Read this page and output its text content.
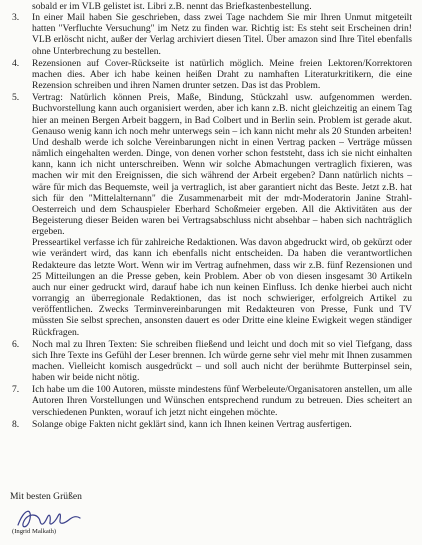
sobald er im VLB gelistet ist. Libri z.B. nennt das Briefkastenbestellung.

3.	In einer Mail haben Sie geschrieben, dass zwei Tage nachdem Sie mir Ihren Unmut mitgeteilt hatten "Verfluchte Versuchung" im Netz zu finden war. Richtig ist: Es steht seit Erscheinen drin! VLB erlöscht nicht, außer der Verlag archiviert diesen Titel. Über amazon sind Ihre Titel ebenfalls ohne Unterbrechung zu bestellen.
4.	Rezensionen auf Cover-Rückseite ist natürlich möglich. Meine freien Lektoren/Korrektoren machen dies. Aber ich habe keinen heißen Draht zu namhaften Literaturkritikern, die eine Rezension schreiben und ihren Namen drunter setzen. Das ist das Problem.
5.	Vertrag: Natürlich können Preis, Maße, Bindung, Stückzahl usw. aufgenommen werden. Buchvorstellung kann auch organisiert werden, aber ich kann z.B. nicht gleichzeitig an einem Tag hier an meinen Bergen Arbeit baggern, in Bad Colbert und in Berlin sein. Problem ist gerade akut. Genauso wenig kann ich noch mehr unterwegs sein – ich kann nicht mehr als 20 Stunden arbeiten! Und deshalb werde ich solche Vereinbarungen nicht in einen Vertrag packen – Verträge müssen nämlich eingehalten werden. Dinge, von denen vorher schon feststeht, dass ich sie nicht einhalten kann, kann ich nicht unterschreiben. Wenn wir solche Abmachungen vertraglich fixieren, was machen wir mit den Ereignissen, die sich während der Arbeit ergeben? Dann natürlich nichts – wäre für mich das Bequemste, weil ja vertraglich, ist aber garantiert nicht das Beste. Jetzt z.B. hat sich für den "Mittelalternann" die Zusammenarbeit mit der mdr-Moderatorin Janine Strahl-Oesterreich und dem Schauspieler Eberhard Schoßmeier ergeben. All die Aktivitäten aus der Begeisterung dieser Beiden waren bei Vertragsabschluss nicht absehbar – haben sich nachträglich ergeben.
Presseartikel verfasse ich für zahlreiche Redaktionen. Was davon abgedruckt wird, ob gekürzt oder wie verändert wird, das kann ich ebenfalls nicht entscheiden. Da haben die verantwortlichen Redakteure das letzte Wort. Wenn wir im Vertrag aufnehmen, dass wir z.B. fünf Rezensionen und 25 Mitteilungen an die Presse geben, kein Problem. Aber ob von diesen insgesamt 30 Artikeln auch nur einer gedruckt wird, darauf habe ich nun keinen Einfluss. Ich denke hierbei auch nicht vorrangig an überregionale Redaktionen, das ist noch schwieriger, erfolgreich Artikel zu veröffentlichen. Zwecks Terminvereinbarungen mit Redakteuren von Presse, Funk und TV müssten Sie selbst sprechen, ansonsten dauert es oder Dritte eine kleine Ewigkeit wegen ständiger Rückfragen.
6.	Noch mal zu Ihren Texten: Sie schreiben fließend und leicht und doch mit so viel Tiefgang, dass sich Ihre Texte ins Gefühl der Leser brennen. Ich würde gerne sehr viel mehr mit Ihnen zusammen machen. Vielleicht komisch ausgedrückt – und soll auch nicht der berühmte Butterpinsel sein, haben wir beide nicht nötig.
7.	Ich habe um die 100 Autoren, müsste mindestens fünf Werbeleute/Organisatoren anstellen, um alle Autoren Ihren Vorstellungen und Wünschen entsprechend rundum zu betreuen. Dies scheitert an verschiedenen Punkten, worauf ich jetzt nicht eingehen möchte.
8.	Solange obige Fakten nicht geklärt sind, kann ich Ihnen keinen Vertrag ausfertigen.
Mit besten Grüßen
(Ingrid Malkath)
